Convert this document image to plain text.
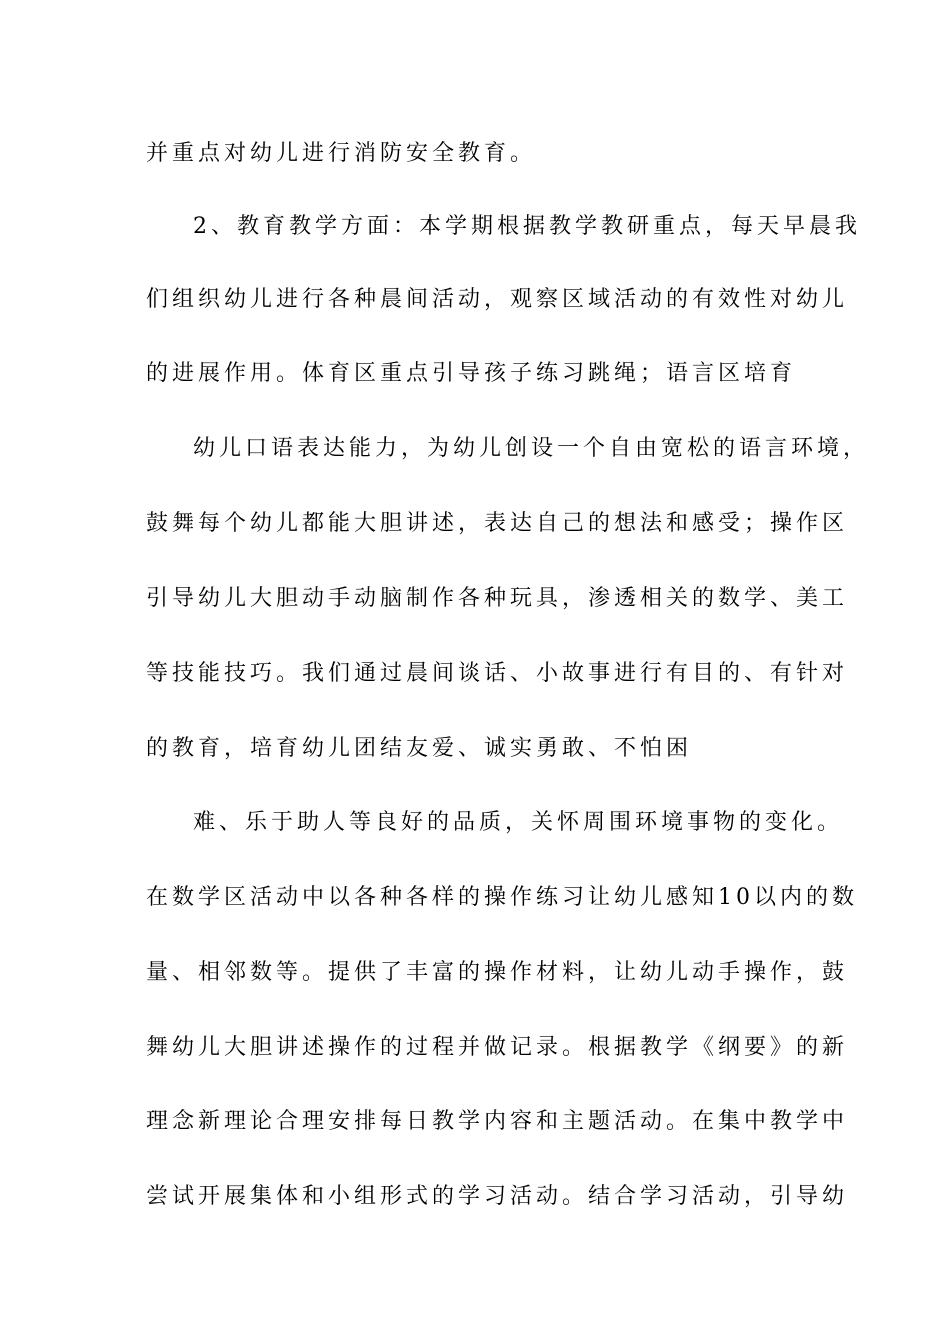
并重点对幼儿进行消防安全教育。
2、教育教学方面：本学期根据教学教研重点，每天早晨我
们组织幼儿进行各种晨间活动，观察区域活动的有效性对幼儿
的进展作用。体育区重点引导孩子练习跳绳；语言区培育
幼儿口语表达能力，为幼儿创设一个自由宽松的语言环境，
鼓舞每个幼儿都能大胆讲述，表达自己的想法和感受；操作区
引导幼儿大胆动手动脑制作各种玩具，渗透相关的数学、美工
等技能技巧。我们通过晨间谈话、小故事进行有目的、有针对
的教育，培育幼儿团结友爱、诚实勇敢、不怕困
难、乐于助人等良好的品质，关怀周围环境事物的变化。
在数学区活动中以各种各样的操作练习让幼儿感知10以内的数
量、相邻数等。提供了丰富的操作材料，让幼儿动手操作，鼓
舞幼儿大胆讲述操作的过程并做记录。根据教学《纲要》的新
理念新理论合理安排每日教学内容和主题活动。在集中教学中
尝试开展集体和小组形式的学习活动。结合学习活动，引导幼
